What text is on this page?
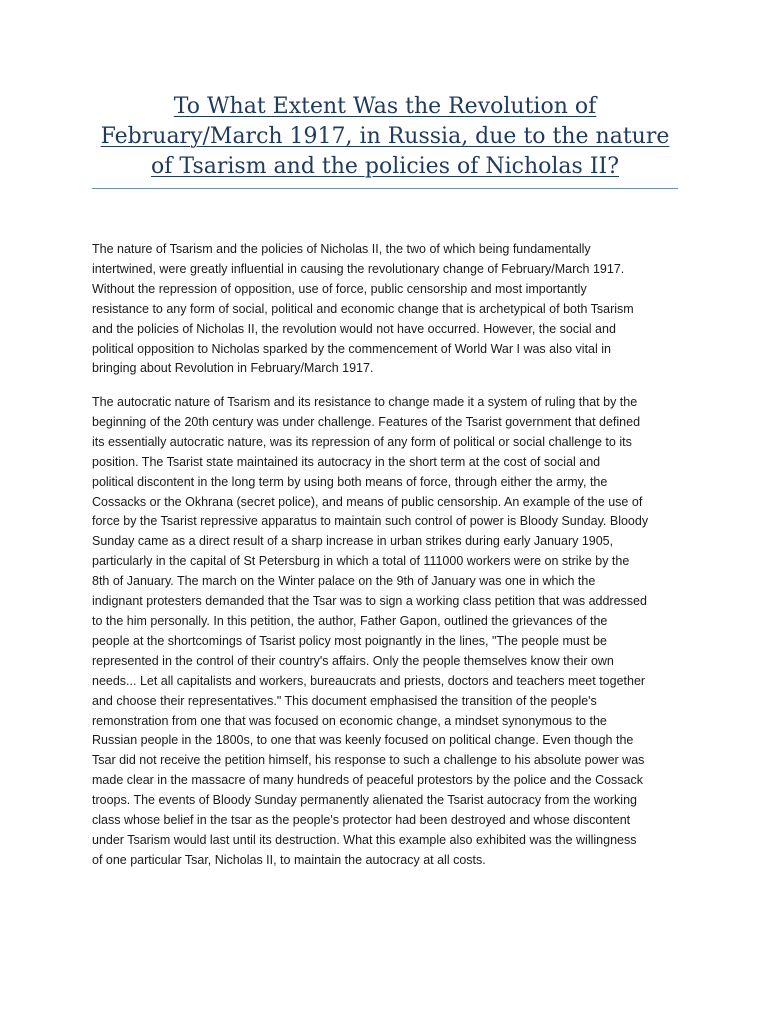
To What Extent Was the Revolution of
February/March 1917, in Russia, due to the nature
of Tsarism and the policies of Nicholas II?

The nature of Tsarism and the policies of Nicholas II, the two of which being fundamentally
intertwined, were greatly influential in causing the revolutionary change of February/March 1917.
Without the repression of opposition, use of force, public censorship and most importantly
resistance to any form of social, political and economic change that is archetypical of both Tsarism
and the policies of Nicholas II, the revolution would not have occurred. However, the social and
political opposition to Nicholas sparked by the commencement of World War I was also vital in
bringing about Revolution in February/March 1917.

The autocratic nature of Tsarism and its resistance to change made it a system of ruling that by the
beginning of the 20th century was under challenge. Features of the Tsarist government that defined
its essentially autocratic nature, was its repression of any form of political or social challenge to its
position. The Tsarist state maintained its autocracy in the short term at the cost of social and
political discontent in the long term by using both means of force, through either the army, the
Cossacks or the Okhrana (secret police), and means of public censorship. An example of the use of
force by the Tsarist repressive apparatus to maintain such control of power is Bloody Sunday. Bloody
Sunday came as a direct result of a sharp increase in urban strikes during early January 1905,
particularly in the capital of St Petersburg in which a total of 111000 workers were on strike by the
8th of January. The march on the Winter palace on the 9th of January was one in which the
indignant protesters demanded that the Tsar was to sign a working class petition that was addressed
to the him personally. In this petition, the author, Father Gapon, outlined the grievances of the
people at the shortcomings of Tsarist policy most poignantly in the lines, "The people must be
represented in the control of their country's affairs. Only the people themselves know their own
needs... Let all capitalists and workers, bureaucrats and priests, doctors and teachers meet together
and choose their representatives." This document emphasised the transition of the people's
remonstration from one that was focused on economic change, a mindset synonymous to the
Russian people in the 1800s, to one that was keenly focused on political change. Even though the
Tsar did not receive the petition himself, his response to such a challenge to his absolute power was
made clear in the massacre of many hundreds of peaceful protestors by the police and the Cossack
troops. The events of Bloody Sunday permanently alienated the Tsarist autocracy from the working
class whose belief in the tsar as the people's protector had been destroyed and whose discontent
under Tsarism would last until its destruction. What this example also exhibited was the willingness
of one particular Tsar, Nicholas II, to maintain the autocracy at all costs.
